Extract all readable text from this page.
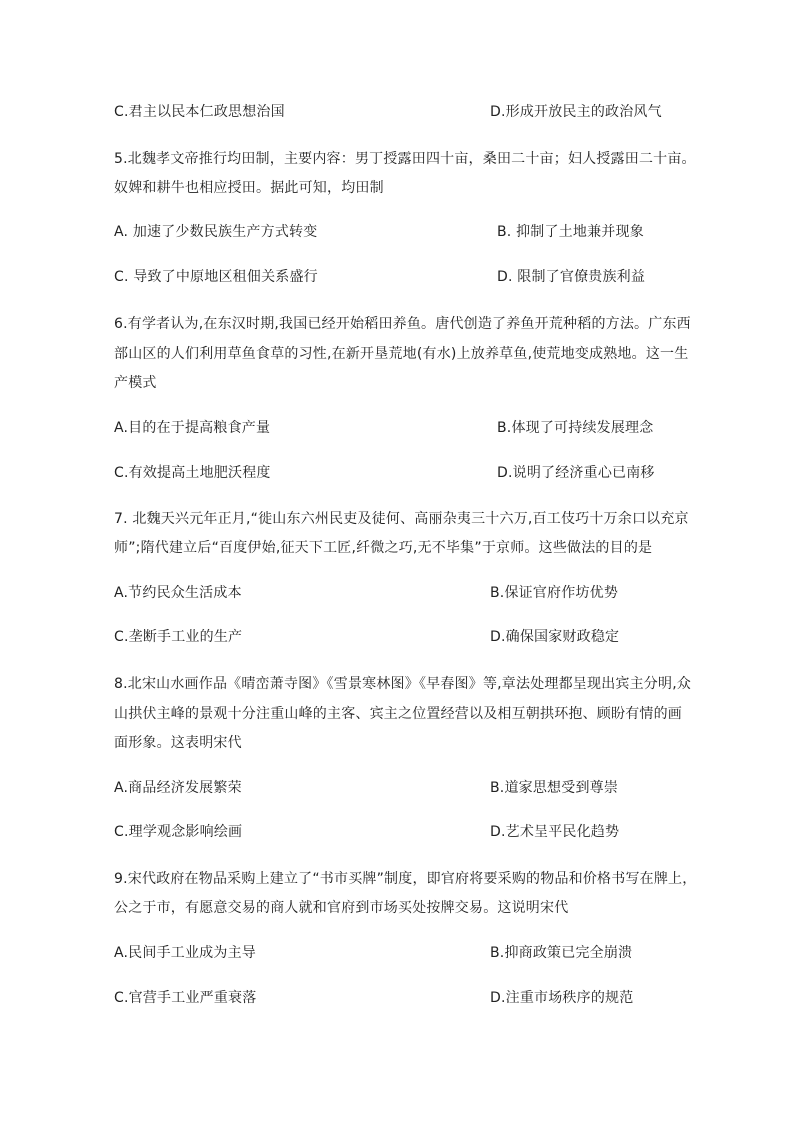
C.君主以民本仁政思想治国	D.形成开放民主的政治风气
5.北魏孝文帝推行均田制，主要内容：男丁授露田四十亩，桑田二十亩；妇人授露田二十亩。
奴婢和耕牛也相应授田。据此可知，均田制
A. 加速了少数民族生产方式转变	B. 抑制了土地兼并现象
C. 导致了中原地区租佃关系盛行	D. 限制了官僚贵族利益
6.有学者认为,在东汉时期,我国已经开始稻田养鱼。唐代创造了养鱼开荒种稻的方法。广东西
部山区的人们利用草鱼食草的习性,在新开垦荒地(有水)上放养草鱼,使荒地变成熟地。这一生
产模式
A.目的在于提高粮食产量	B.体现了可持续发展理念
C.有效提高土地肥沃程度	D.说明了经济重心已南移
7. 北魏天兴元年正月,“徙山东六州民吏及徒何、高丽杂夷三十六万,百工伎巧十万余口以充京
师”;隋代建立后“百度伊始,征天下工匠,纤微之巧,无不毕集”于京师。这些做法的目的是
A.节约民众生活成本	B.保证官府作坊优势
C.垄断手工业的生产	D.确保国家财政稳定
8.北宋山水画作品《晴峦萧寺图》《雪景寒林图》《早春图》等,章法处理都呈现出宾主分明,众
山拱伏主峰的景观十分注重山峰的主客、宾主之位置经营以及相互朝拱环抱、顾盼有情的画
面形象。这表明宋代
A.商品经济发展繁荣	B.道家思想受到尊崇
C.理学观念影响绘画	D.艺术呈平民化趋势
9.宋代政府在物品采购上建立了“书市买牌”制度，即官府将要采购的物品和价格书写在牌上，
公之于市，有愿意交易的商人就和官府到市场买处按牌交易。这说明宋代
A.民间手工业成为主导	B.抑商政策已完全崩溃
C.官营手工业严重衰落	D.注重市场秩序的规范
